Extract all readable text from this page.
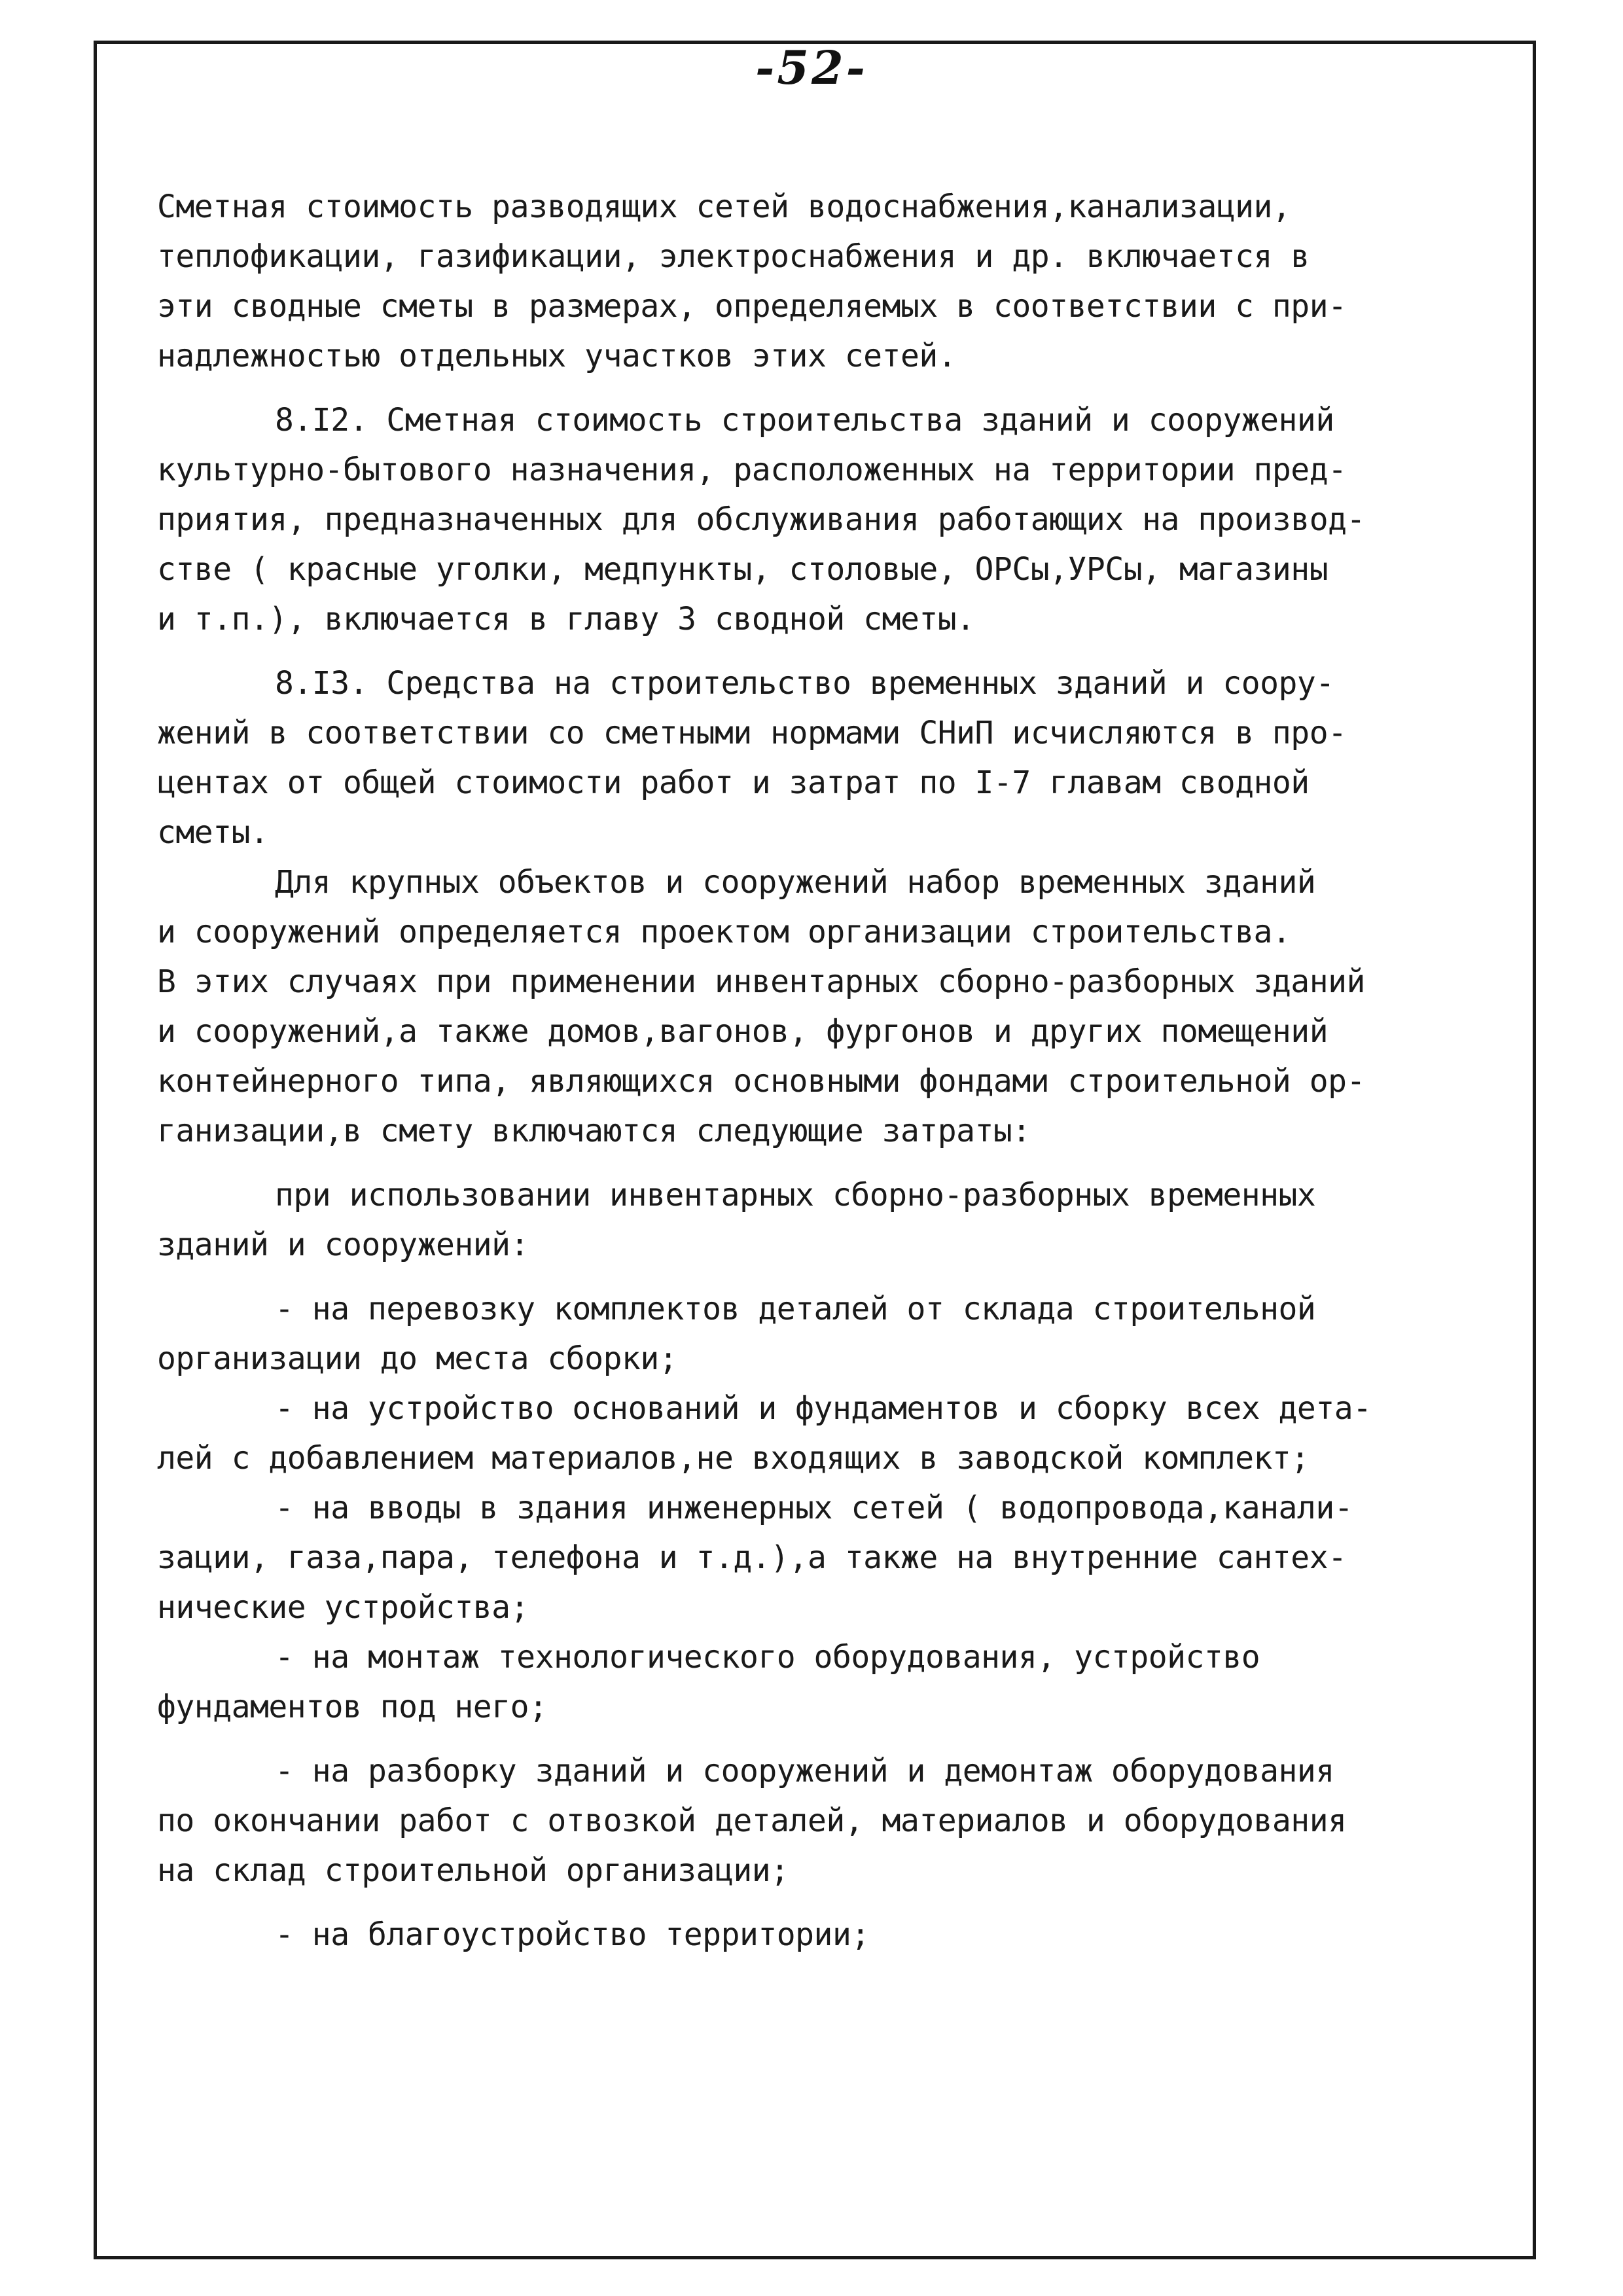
-52-
Сметная стоимость разводящих сетей водоснабжения,канализации,
теплофикации, газификации, электроснабжения и др. включается в
эти сводные сметы в размерах, определяемых в соответствии с при-
надлежностью отдельных участков этих сетей.
8.I2. Сметная стоимость строительства зданий и сооружений
культурно-бытового назначения, расположенных на территории пред-
приятия, предназначенных для обслуживания работающих на производ-
стве ( красные уголки, медпункты, столовые, ОРСы,УРСы, магазины
и т.п.), включается в главу 3 сводной сметы.
8.I3. Средства на строительство временных зданий и соору-
жений в соответствии со сметными нормами СНиП исчисляются в про-
центах от общей стоимости работ и затрат по I-7 главам сводной
сметы.
Для крупных объектов и сооружений набор временных зданий
и сооружений определяется проектом организации строительства.
В этих случаях при применении инвентарных сборно-разборных зданий
и сооружений,а также домов,вагонов, фургонов и других помещений
контейнерного типа, являющихся основными фондами строительной ор-
ганизации,в смету включаются следующие затраты:
при использовании инвентарных сборно-разборных временных
зданий и сооружений:
- на перевозку комплектов деталей от склада строительной
организации до места сборки;
- на устройство оснований и фундаментов и сборку всех дета-
лей с добавлением материалов,не входящих в заводской комплект;
- на вводы в здания инженерных сетей ( водопровода,канали-
зации, газа,пара, телефона и т.д.),а также на внутренние сантех-
нические устройства;
- на монтаж технологического оборудования, устройство
фундаментов под него;
- на разборку зданий и сооружений и демонтаж оборудования
по окончании работ с отвозкой деталей, материалов и оборудования
на склад строительной организации;
- на благоустройство территории;
